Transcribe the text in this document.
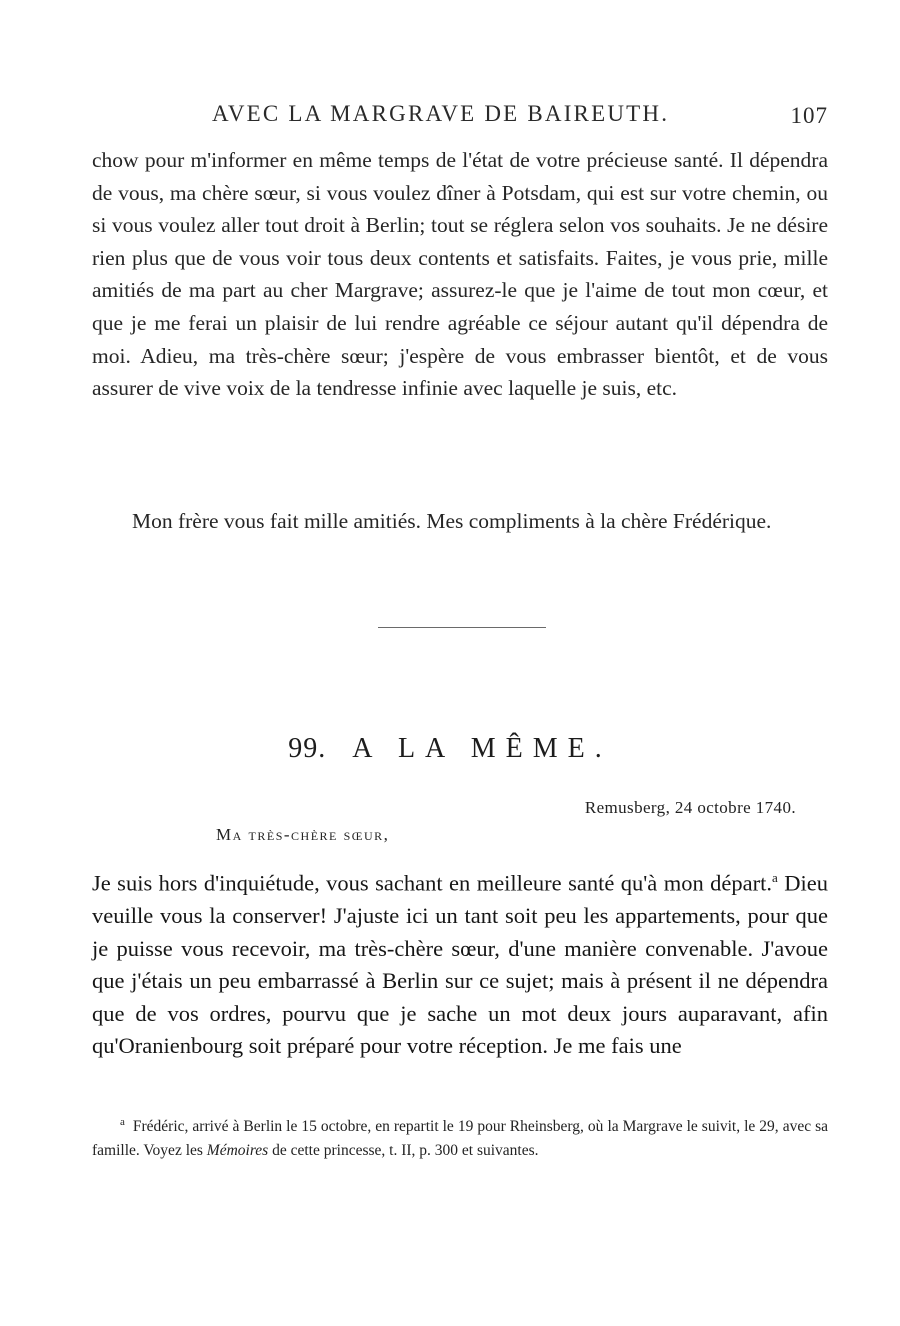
AVEC LA MARGRAVE DE BAIREUTH.	107

chow pour m'informer en même temps de l'état de votre précieuse santé. Il dépendra de vous, ma chère sœur, si vous voulez dîner à Potsdam, qui est sur votre chemin, ou si vous voulez aller tout droit à Berlin; tout se réglera selon vos souhaits. Je ne désire rien plus que de vous voir tous deux contents et satisfaits. Faites, je vous prie, mille amitiés de ma part au cher Margrave; assurez-le que je l'aime de tout mon cœur, et que je me ferai un plaisir de lui rendre agréable ce séjour autant qu'il dépendra de moi. Adieu, ma très-chère sœur; j'espère de vous embrasser bientôt, et de vous assurer de vive voix de la tendresse infinie avec laquelle je suis, etc.

Mon frère vous fait mille amitiés. Mes compliments à la chère Frédérique.

99. A LA MÊME.
Remusberg, 24 octobre 1740.
Ma très-chère sœur,

Je suis hors d'inquiétude, vous sachant en meilleure santé qu'à mon départ.$^a$ Dieu veuille vous la conserver! J'ajuste ici un tant soit peu les appartements, pour que je puisse vous recevoir, ma très-chère sœur, d'une manière convenable. J'avoue que j'étais un peu embarrassé à Berlin sur ce sujet; mais à présent il ne dépendra que de vos ordres, pourvu que je sache un mot deux jours auparavant, afin qu'Oranienbourg soit préparé pour votre réception. Je me fais une

$^a$ Frédéric, arrivé à Berlin le 15 octobre, en repartit le 19 pour Rheinsberg, où la Margrave le suivit, le 29, avec sa famille. Voyez les Mémoires de cette princesse, t. II, p. 300 et suivantes.
